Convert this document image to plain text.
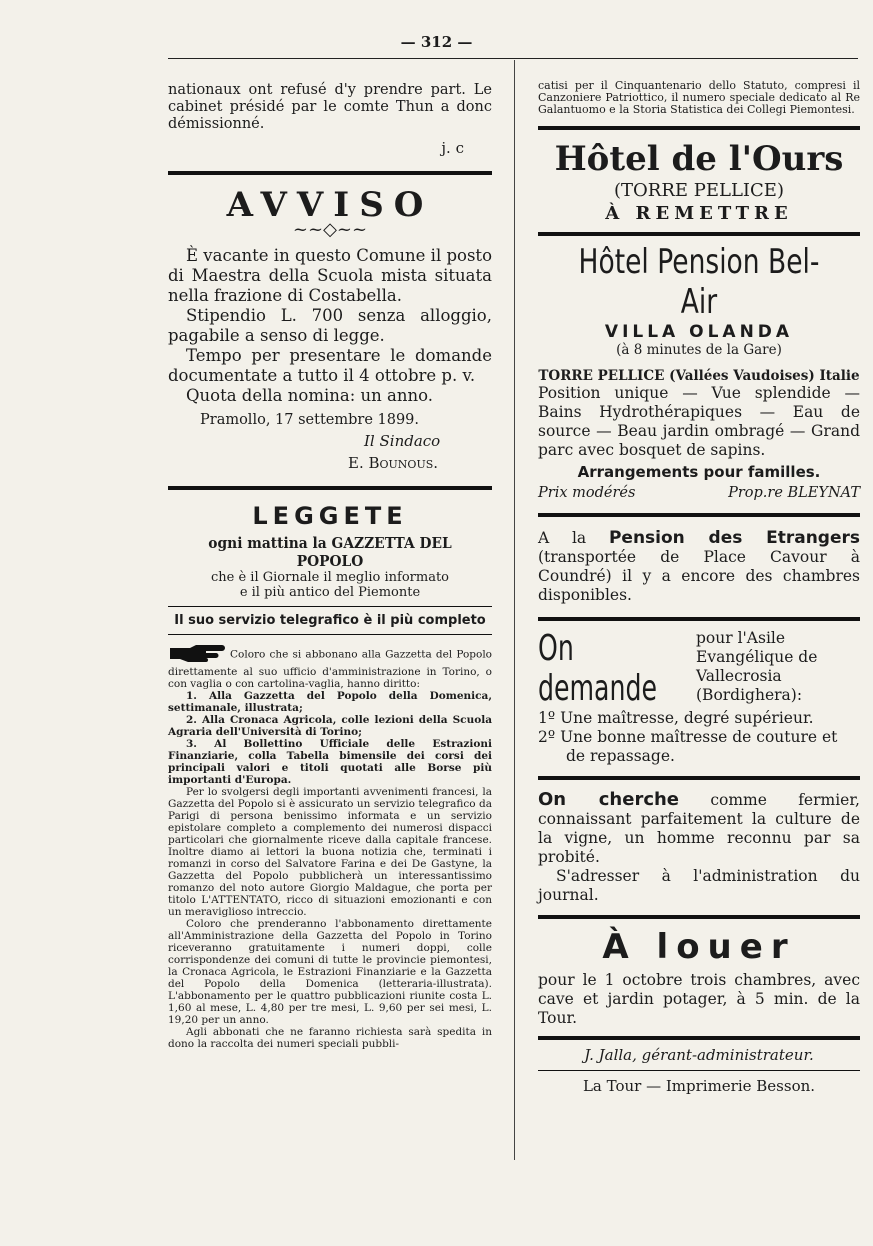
— 312 —
nationaux ont refusé d'y prendre part. Le cabinet présidé par le comte Thun a donc démissionné.
j. c
AVVISO
~~◇~~
È vacante in questo Comune il posto di Maestra della Scuola mista situata nella frazione di Costabella.
Stipendio L. 700 senza alloggio, pagabile a senso di legge.
Tempo per presentare le domande documentate a tutto il 4 ottobre p. v.
Quota della nomina: un anno.
Pramollo, 17 settembre 1899.
Il Sindaco
E. Bounous.
LEGGETE
ogni mattina la GAZZETTA DEL POPOLO
che è il Giornale il meglio informato
e il più antico del Piemonte
Il suo servizio telegrafico è il più completo
Coloro che si abbonano alla Gazzetta del Popolo direttamente al suo ufficio d'amministrazione in Torino, o con vaglia o con cartolina-vaglia, hanno diritto:
1. Alla Gazzetta del Popolo della Domenica, settimanale, illustrata;
2. Alla Cronaca Agricola, colle lezioni della Scuola Agraria dell'Università di Torino;
3. Al Bollettino Ufficiale delle Estrazioni Finanziarie, colla Tabella bimensile dei corsi dei principali valori e titoli quotati alle Borse più importanti d'Europa.
Per lo svolgersi degli importanti avvenimenti francesi, la Gazzetta del Popolo si è assicurato un servizio telegrafico da Parigi di persona benissimo informata e un servizio epistolare completo a complemento dei numerosi dispacci particolari che giornalmente riceve dalla capitale francese. Inoltre diamo ai lettori la buona notizia che, terminati i romanzi in corso del Salvatore Farina e dei De Gastyne, la Gazzetta del Popolo pubblicherà un interessantissimo romanzo del noto autore Giorgio Maldague, che porta per titolo L'ATTENTATO, ricco di situazioni emozionanti e con un meraviglioso intreccio.
Coloro che prenderanno l'abbonamento direttamente all'Amministrazione della Gazzetta del Popolo in Torino riceveranno gratuitamente i numeri doppi, colle corrispondenze dei comuni di tutte le provincie piemontesi, la Cronaca Agricola, le Estrazioni Finanziarie e la Gazzetta del Popolo della Domenica (letteraria-illustrata). L'abbonamento per le quattro pubblicazioni riunite costa L. 1,60 al mese, L. 4,80 per tre mesi, L. 9,60 per sei mesi, L. 19,20 per un anno.
Agli abbonati che ne faranno richiesta sarà spedita in dono la raccolta dei numeri speciali pubbli-
catisi per il Cinquantenario dello Statuto, compresi il Canzoniere Patriottico, il numero speciale dedicato al Re Galantuomo e la Storia Statistica dei Collegi Piemontesi.
Hôtel de l'Ours
(TORRE PELLICE)
À REMETTRE
Hôtel Pension Bel-Air
VILLA OLANDA
(à 8 minutes de la Gare)
TORRE PELLICE (Vallées Vaudoises) Italie
Position unique — Vue splendide — Bains Hydrothérapiques — Eau de source — Beau jardin ombragé — Grand parc avec bosquet de sapins.
Arrangements pour familles.
Prix modérés	Prop.re BLEYNAT
A la Pension des Etrangers (transportée de Place Cavour à Coundré) il y a encore des chambres disponibles.
On demande
pour l'Asile Evangélique de Vallecrosia (Bordighera):
1º Une maîtresse, degré supérieur.
2º Une bonne maîtresse de couture et de repassage.
On cherche comme fermier, connaissant parfaitement la culture de la vigne, un homme reconnu par sa probité.
S'adresser à l'administration du journal.
À louer
pour le 1 octobre trois chambres, avec cave et jardin potager, à 5 min. de la Tour.
J. Jalla, gérant-administrateur.
La Tour — Imprimerie Besson.
